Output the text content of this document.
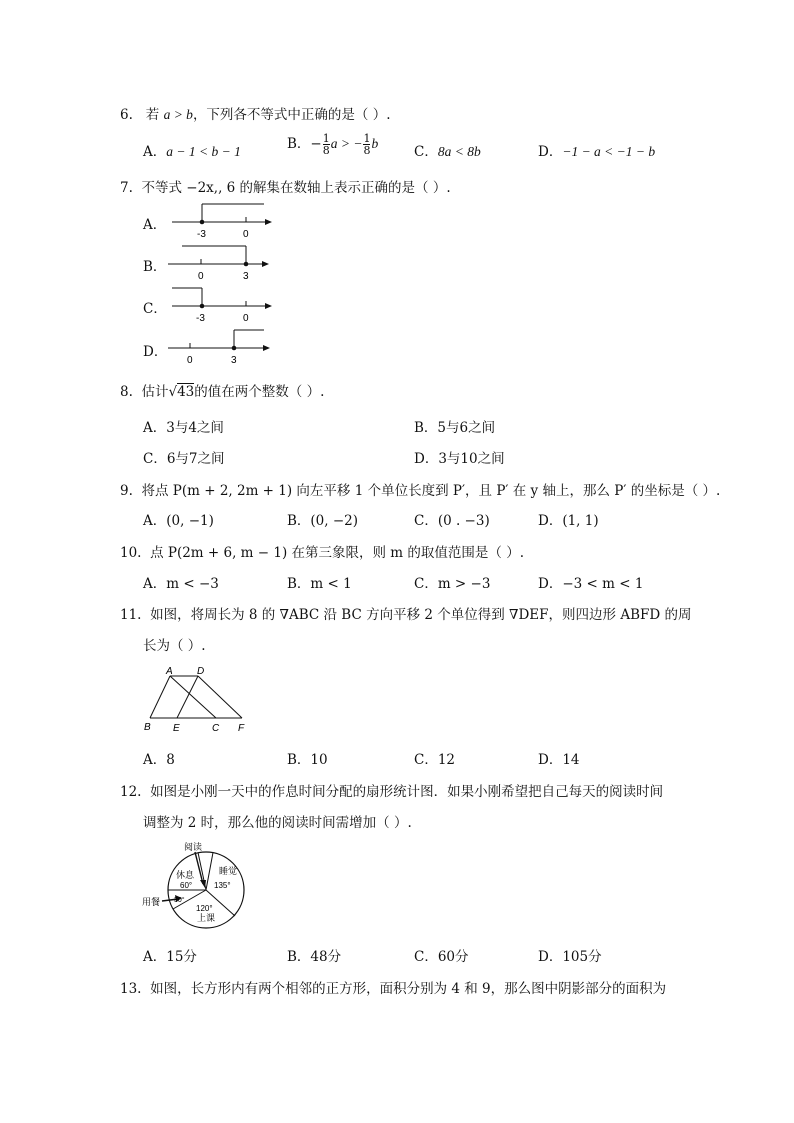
6. 若 a > b，下列各不等式中正确的是（ ）.
A．a − 1 < b − 1	B．− $\frac{1}{8}$ a > − $\frac{1}{8}$ b
C．8a < 8b	D．−1 − a < −1 − b
7. 不等式 −2x,, 6 的解集在数轴上表示正确的是（ ）.
A．
-3	0
B．
0	3
C．
-3	0
D．
0	3
8. 估计√43的值在两个整数（ ）.
A．3与4之间	B．5与6之间
C．6与7之间	D．3与10之间
9. 将点 P(m + 2, 2m + 1) 向左平移 1 个单位长度到 P′，且 P′ 在 y 轴上，那么 P′ 的坐标是（ ）.
A．(0, −1)	B．(0, −2)	C．(0 . −3)	D．(1, 1)
10. 点 P(2m + 6, m − 1) 在第三象限，则 m 的取值范围是（ ）.
A．m < −3	B．m < 1	C．m > −3	D．−3 < m < 1
11. 如图，将周长为 8 的 ∇ABC 沿 BC 方向平移 2 个单位得到 ∇DEF，则四边形 ABFD 的周
长为（ ）.
A D
B E	C F
A．8	B．10	C．12	D．14
12. 如图是小刚一天中的作息时间分配的扇形统计图．如果小刚希望把自己每天的阅读时间
调整为 2 时，那么他的阅读时间需增加（ ）.
阅读
休息
60°
睡觉
135°
用餐 30°
120°
上课
A．15分	B．48分	C．60分	D．105分
13. 如图，长方形内有两个相邻的正方形，面积分别为 4 和 9，那么图中阴影部分的面积为
